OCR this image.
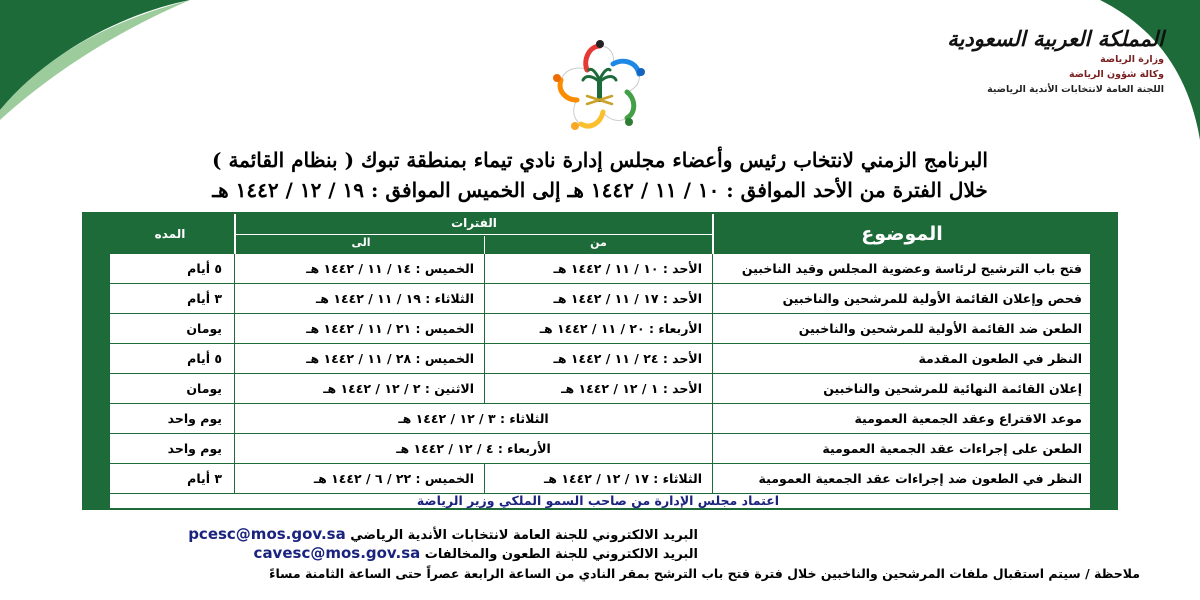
المملكة العربية السعودية
وزارة الرياضة
وكالة شؤون الرياضة
اللجنة العامة لانتخابات الأندية الرياضية
البرنامج الزمني لانتخاب رئيس وأعضاء مجلس إدارة نادي تيماء بمنطقة تبوك ( بنظام القائمة )
خلال الفترة من الأحد الموافق : ١٠ / ١١ / ١٤٤٢ هـ إلى الخميس الموافق : ١٩ / ١٢ / ١٤٤٢ هـ
الموضوع
الفترات
من
الى
المده
فتح باب الترشيح لرئاسة وعضوية المجلس وقيد الناخبين
الأحد : ١٠ / ١١ / ١٤٤٢ هـ
الخميس : ١٤ / ١١ / ١٤٤٢ هـ
٥ أيام
فحص وإعلان القائمة الأولية للمرشحين والناخبين
الأحد : ١٧ / ١١ / ١٤٤٢ هـ
الثلاثاء : ١٩ / ١١ / ١٤٤٢ هـ
٣ أيام
الطعن ضد القائمة الأولية للمرشحين والناخبين
الأربعاء : ٢٠ / ١١ / ١٤٤٢ هـ
الخميس : ٢١ / ١١ / ١٤٤٢ هـ
يومان
النظر في الطعون المقدمة
الأحد : ٢٤ / ١١ / ١٤٤٢ هـ
الخميس : ٢٨ / ١١ / ١٤٤٢ هـ
٥ أيام
إعلان القائمة النهائية للمرشحين والناخبين
الأحد : ١ / ١٢ / ١٤٤٢ هـ
الاثنين : ٢ / ١٢ / ١٤٤٢ هـ
يومان
موعد الاقتراع وعقد الجمعية العمومية
الثلاثاء : ٣ / ١٢ / ١٤٤٢ هـ
يوم واحد
الطعن على إجراءات عقد الجمعية العمومية
الأربعاء : ٤ / ١٢ / ١٤٤٢ هـ
يوم واحد
النظر في الطعون ضد إجراءات عقد الجمعية العمومية
الثلاثاء : ١٧ / ١٢ / ١٤٤٢ هـ
الخميس : ٢٢ / ٦ / ١٤٤٢ هـ
٣ أيام
اعتماد مجلس الإدارة من صاحب السمو الملكي وزير الرياضة
البريد الالكتروني للجنة العامة لانتخابات الأندية الرياضي pcesc@mos.gov.sa
البريد الالكتروني للجنة الطعون والمخالفات cavesc@mos.gov.sa
ملاحظة / سيتم استقبال ملفات المرشحين والناخبين خلال فترة فتح باب الترشح بمقر النادي من الساعة الرابعة عصراً حتى الساعة الثامنة مساءً
